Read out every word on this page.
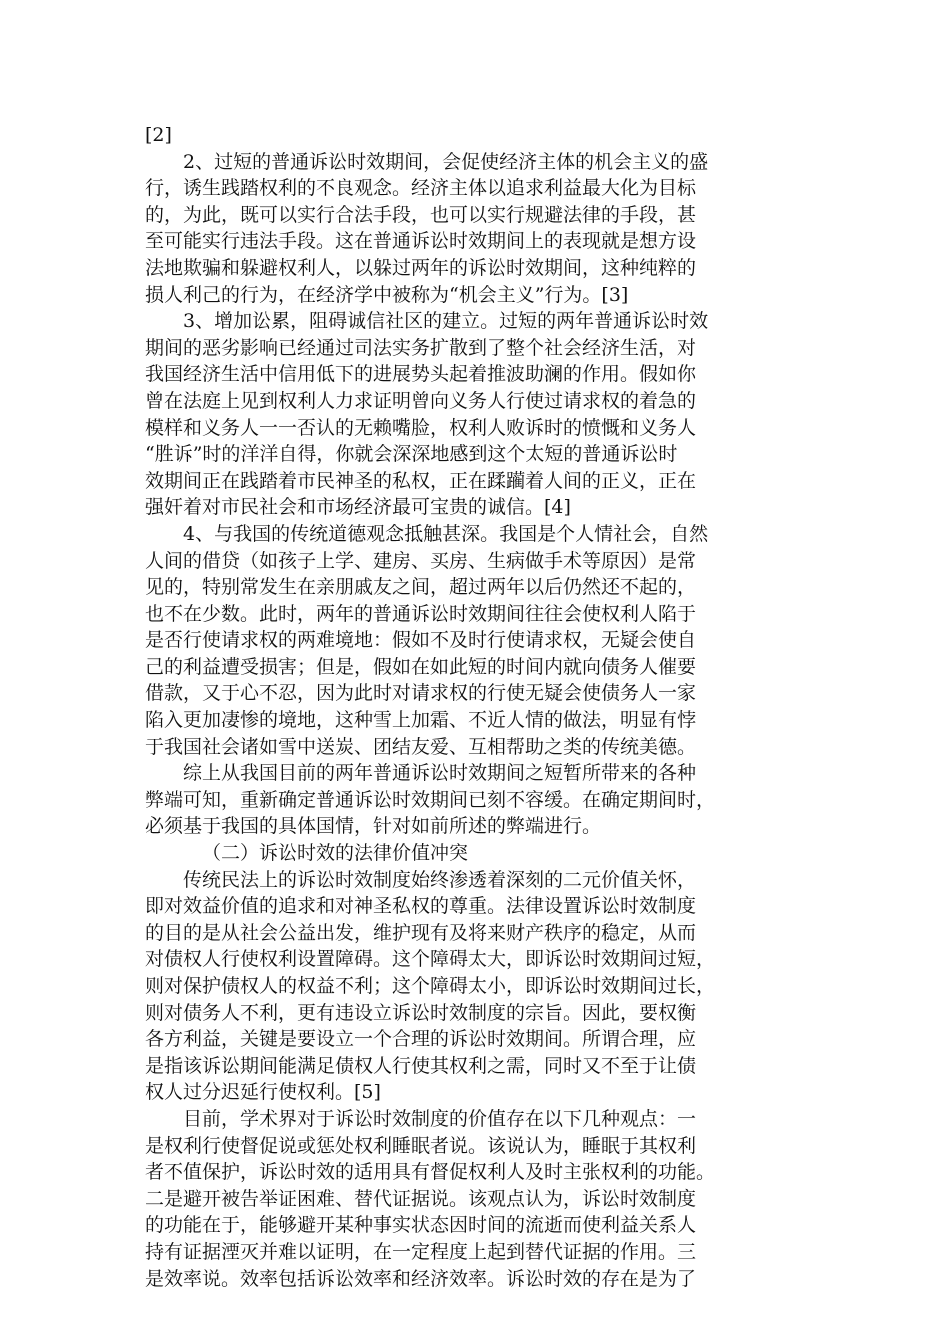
[2]
2、过短的普通诉讼时效期间，会促使经济主体的机会主义的盛
行，诱生践踏权利的不良观念。经济主体以追求利益最大化为目标
的，为此，既可以实行合法手段，也可以实行规避法律的手段，甚
至可能实行违法手段。这在普通诉讼时效期间上的表现就是想方设
法地欺骗和躲避权利人，以躲过两年的诉讼时效期间，这种纯粹的
损人利己的行为，在经济学中被称为“机会主义”行为。[3]
3、增加讼累，阻碍诚信社区的建立。过短的两年普通诉讼时效
期间的恶劣影响已经通过司法实务扩散到了整个社会经济生活，对
我国经济生活中信用低下的进展势头起着推波助澜的作用。假如你
曾在法庭上见到权利人力求证明曾向义务人行使过请求权的着急的
模样和义务人一一否认的无赖嘴脸，权利人败诉时的愤慨和义务人
“胜诉”时的洋洋自得，你就会深深地感到这个太短的普通诉讼时
效期间正在践踏着市民神圣的私权，正在蹂躏着人间的正义，正在
强奸着对市民社会和市场经济最可宝贵的诚信。[4]
4、与我国的传统道德观念抵触甚深。我国是个人情社会，自然
人间的借贷（如孩子上学、建房、买房、生病做手术等原因）是常
见的，特别常发生在亲朋戚友之间，超过两年以后仍然还不起的，
也不在少数。此时，两年的普通诉讼时效期间往往会使权利人陷于
是否行使请求权的两难境地：假如不及时行使请求权，无疑会使自
己的利益遭受损害；但是，假如在如此短的时间内就向债务人催要
借款，又于心不忍，因为此时对请求权的行使无疑会使债务人一家
陷入更加凄惨的境地，这种雪上加霜、不近人情的做法，明显有悖
于我国社会诸如雪中送炭、团结友爱、互相帮助之类的传统美德。
综上从我国目前的两年普通诉讼时效期间之短暂所带来的各种
弊端可知，重新确定普通诉讼时效期间已刻不容缓。在确定期间时，
必须基于我国的具体国情，针对如前所述的弊端进行。
（二）诉讼时效的法律价值冲突
传统民法上的诉讼时效制度始终渗透着深刻的二元价值关怀，
即对效益价值的追求和对神圣私权的尊重。法律设置诉讼时效制度
的目的是从社会公益出发，维护现有及将来财产秩序的稳定，从而
对债权人行使权利设置障碍。这个障碍太大，即诉讼时效期间过短，
则对保护债权人的权益不利；这个障碍太小，即诉讼时效期间过长，
则对债务人不利，更有违设立诉讼时效制度的宗旨。因此，要权衡
各方利益，关键是要设立一个合理的诉讼时效期间。所谓合理，应
是指该诉讼期间能满足债权人行使其权利之需，同时又不至于让债
权人过分迟延行使权利。[5]
目前，学术界对于诉讼时效制度的价值存在以下几种观点：一
是权利行使督促说或惩处权利睡眠者说。该说认为，睡眠于其权利
者不值保护，诉讼时效的适用具有督促权利人及时主张权利的功能。
二是避开被告举证困难、替代证据说。该观点认为，诉讼时效制度
的功能在于，能够避开某种事实状态因时间的流逝而使利益关系人
持有证据湮灭并难以证明，在一定程度上起到替代证据的作用。三
是效率说。效率包括诉讼效率和经济效率。诉讼时效的存在是为了
